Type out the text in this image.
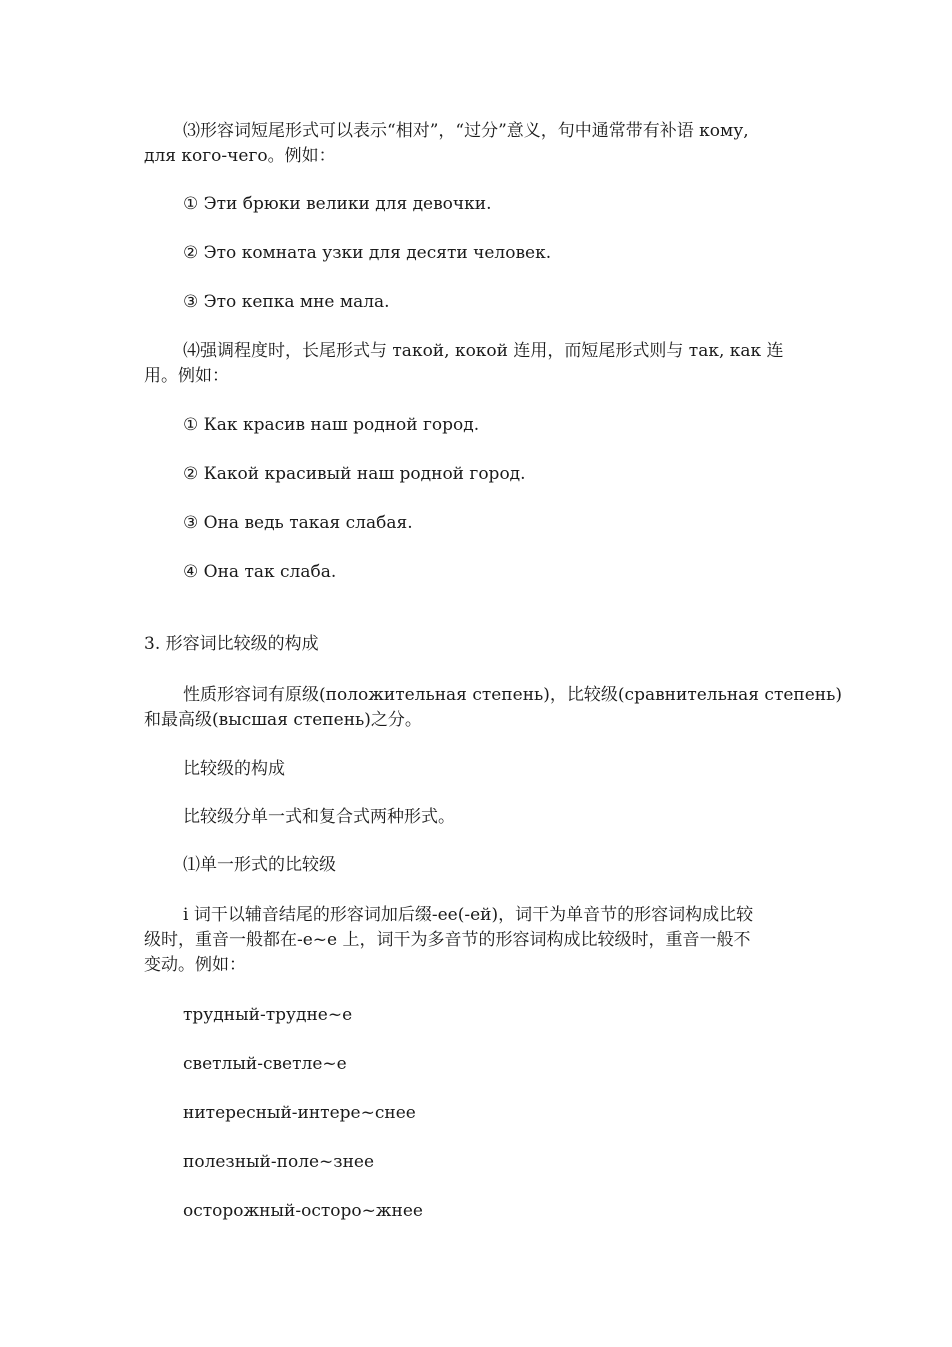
⑶形容词短尾形式可以表示“相对”，“过分”意义，句中通常带有补语 кому,

для кого-чего。例如：

① Эти брюки велики для девочки.

② Это комната узки для десяти человек.

③ Это кепка мне мала.

⑷强调程度时，长尾形式与 такой, кокой 连用，而短尾形式则与 так, как 连

用。例如：

① Как красив наш родной город.

② Какой красивый наш родной город.

③ Она ведь такая слабая.

④ Она так слаба.

3. 形容词比较级的构成

性质形容词有原级(положительная степень)，比较级(сравнительная степень)

和最高级(высшая степень)之分。

比较级的构成

比较级分单一式和复合式两种形式。

⑴单一形式的比较级

i 词干以辅音结尾的形容词加后缀-ее(-ей)，词干为单音节的形容词构成比较

级时，重音一般都在-е~е 上，词干为多音节的形容词构成比较级时，重音一般不

变动。例如：

трудный-трудне~е

светлый-светле~е

нитересный-интере~снее

полезный-поле~знее

осторожный-осторо~жнее
